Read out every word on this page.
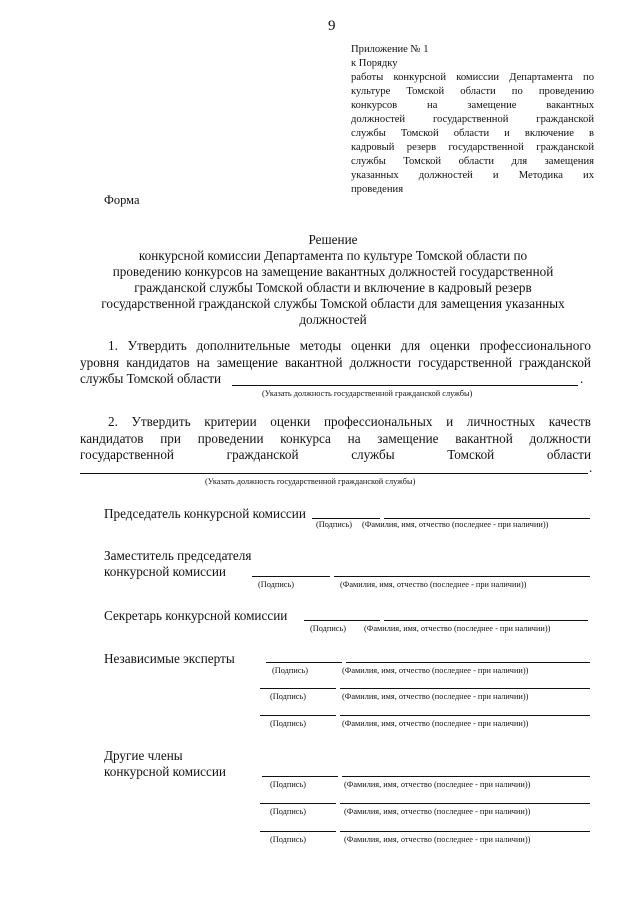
9
Приложение № 1
к Порядку
работы конкурсной комиссии Департамента по
культуре Томской области по проведению
конкурсов на замещение вакантных
должностей государственной гражданской
службы Томской области и включение в
кадровый резерв государственной гражданской
службы Томской области для замещения
указанных должностей и Методика их
проведения
Форма
Решение
конкурсной комиссии Департамента по культуре Томской области по
проведению конкурсов на замещение вакантных должностей государственной
гражданской службы Томской области и включение в кадровый резерв
государственной гражданской службы Томской области для замещения указанных
должностей
1. Утвердить дополнительные методы оценки для оценки профессионального
уровня кандидатов на замещение вакантной должности государственной гражданской
службы Томской области	.
(Указать должность государственной гражданской службы)
2. Утвердить критерии оценки профессиональных и личностных качеств
кандидатов при проведении конкурса на замещение вакантной должности
государственной гражданской службы Томской области
.
(Указать должность государственной гражданской службы)
Председатель конкурсной комиссии
(Подпись) (Фамилия, имя, отчество (последнее - при наличии))
Заместитель председателя
конкурсной комиссии
(Подпись)	(Фамилия, имя, отчество (последнее - при наличии))
Секретарь конкурсной комиссии
(Подпись) (Фамилия, имя, отчество (последнее - при наличии))
Независимые эксперты
(Подпись)	(Фамилия, имя, отчество (последнее - при наличии))
(Подпись)	(Фамилия, имя, отчество (последнее - при наличии))
(Подпись)	(Фамилия, имя, отчество (последнее - при наличии))
Другие члены
конкурсной комиссии
(Подпись)	(Фамилия, имя, отчество (последнее - при наличии))
(Подпись)	(Фамилия, имя, отчество (последнее - при наличии))
(Подпись)	(Фамилия, имя, отчество (последнее - при наличии))
